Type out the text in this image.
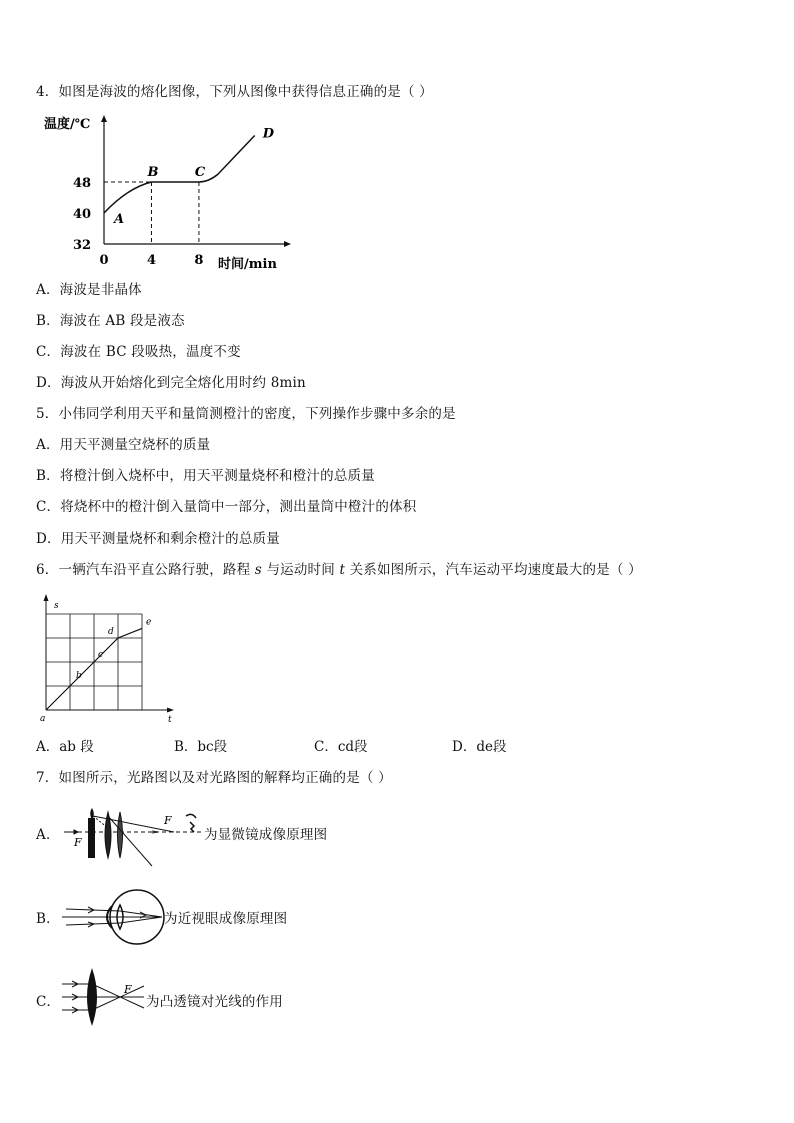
4．如图是海波的熔化图像，下列从图像中获得信息正确的是（ ）
温度/℃
时间/min
32
40
48
0	4	8
A
B	C
D
A．海波是非晶体
B．海波在 AB 段是液态
C．海波在 BC 段吸热，温度不变
D．海波从开始熔化到完全熔化用时约 8min
5．小伟同学利用天平和量筒测橙汁的密度，下列操作步骤中多余的是
A．用天平测量空烧杯的质量
B．将橙汁倒入烧杯中，用天平测量烧杯和橙汁的总质量
C．将烧杯中的橙汁倒入量筒中一部分，测出量筒中橙汁的体积
D．用天平测量烧杯和剩余橙汁的总质量
6．一辆汽车沿平直公路行驶，路程 s 与运动时间 t 关系如图所示，汽车运动平均速度最大的是（ ）
s
t
a
b
c
d
e
A．ab 段	B．bc段	C．cd段	D．de段
7．如图所示，光路图以及对光路图的解释均正确的是（ ）
A．
F
F	为显微镜成像原理图
B．	为近视眼成像原理图
C．
F
为凸透镜对光线的作用
